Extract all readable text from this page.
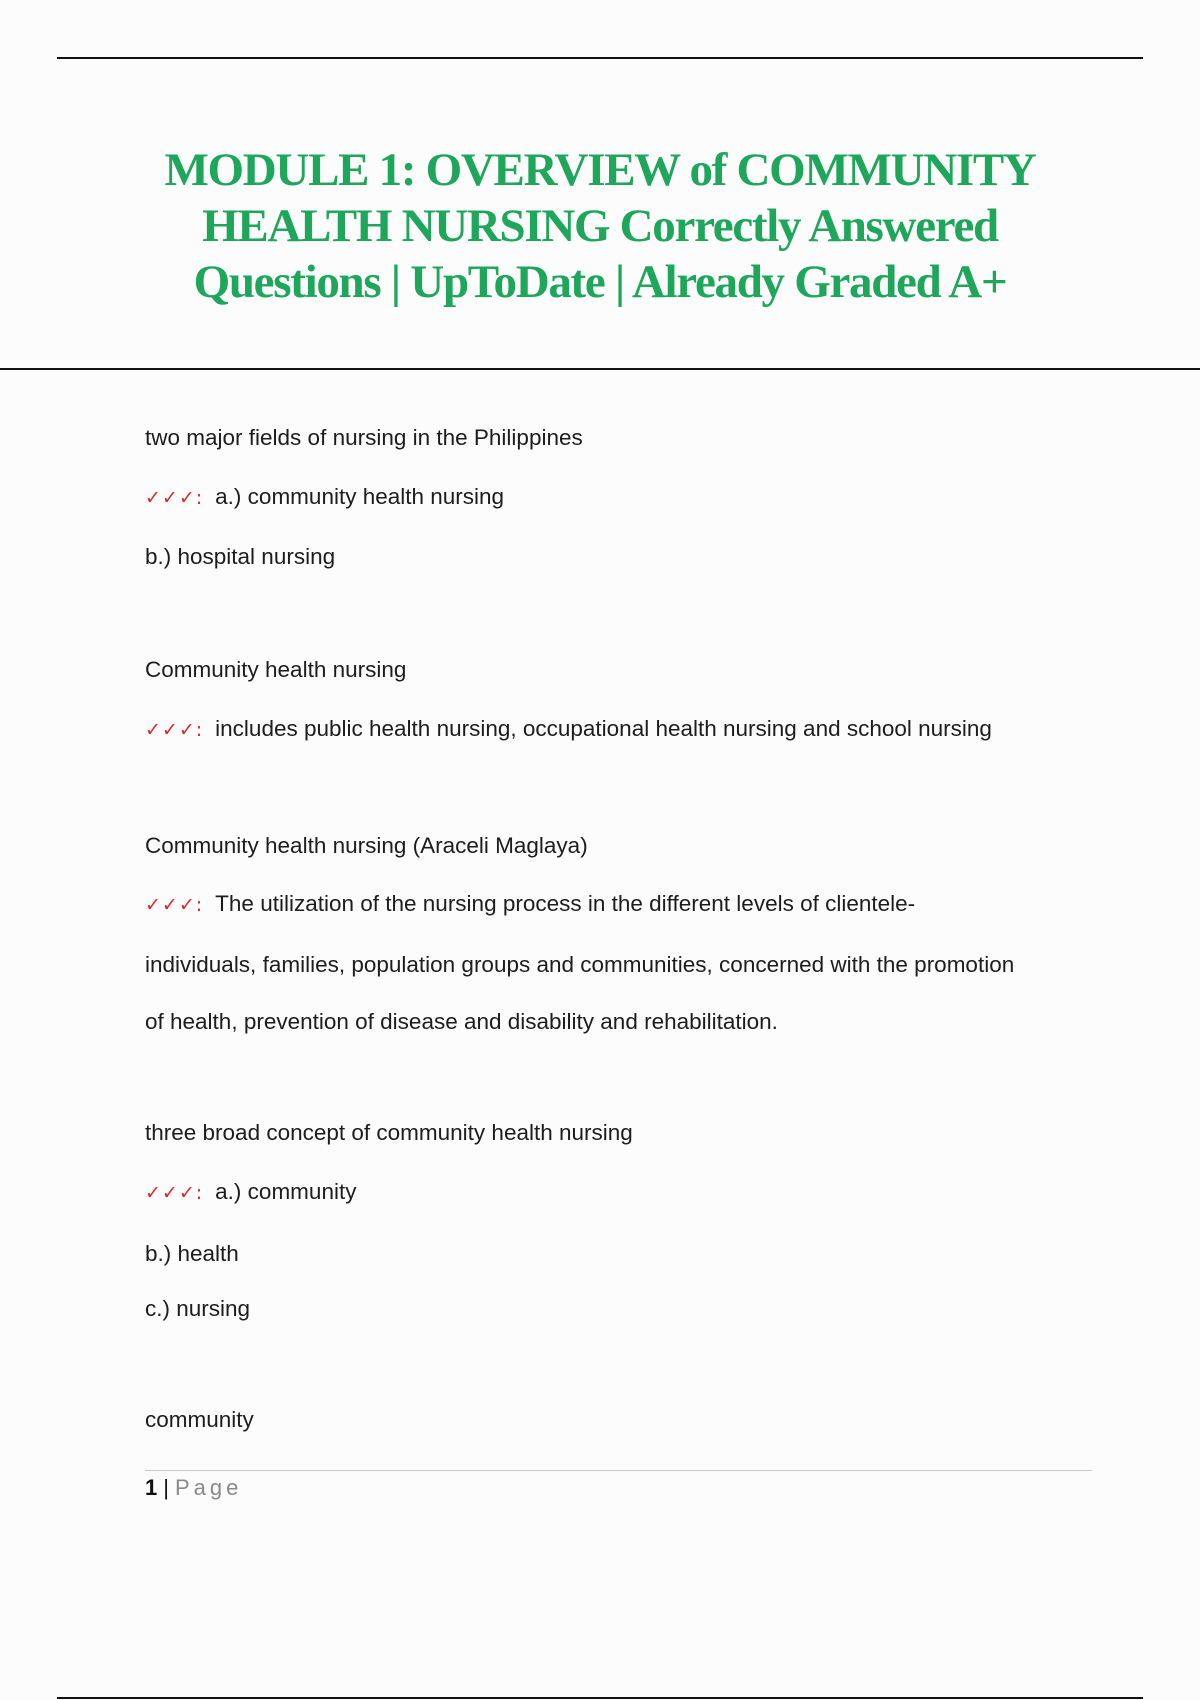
MODULE 1: OVERVIEW of COMMUNITY
HEALTH NURSING Correctly Answered
Questions | UpToDate | Already Graded A+
two major fields of nursing in the Philippines
✓✓✓: a.) community health nursing
b.) hospital nursing
Community health nursing
✓✓✓: includes public health nursing, occupational health nursing and school nursing
Community health nursing (Araceli Maglaya)
✓✓✓: The utilization of the nursing process in the different levels of clientele-
individuals, families, population groups and communities, concerned with the promotion
of health, prevention of disease and disability and rehabilitation.
three broad concept of community health nursing
✓✓✓: a.) community
b.) health
c.) nursing
community
1 | Page
